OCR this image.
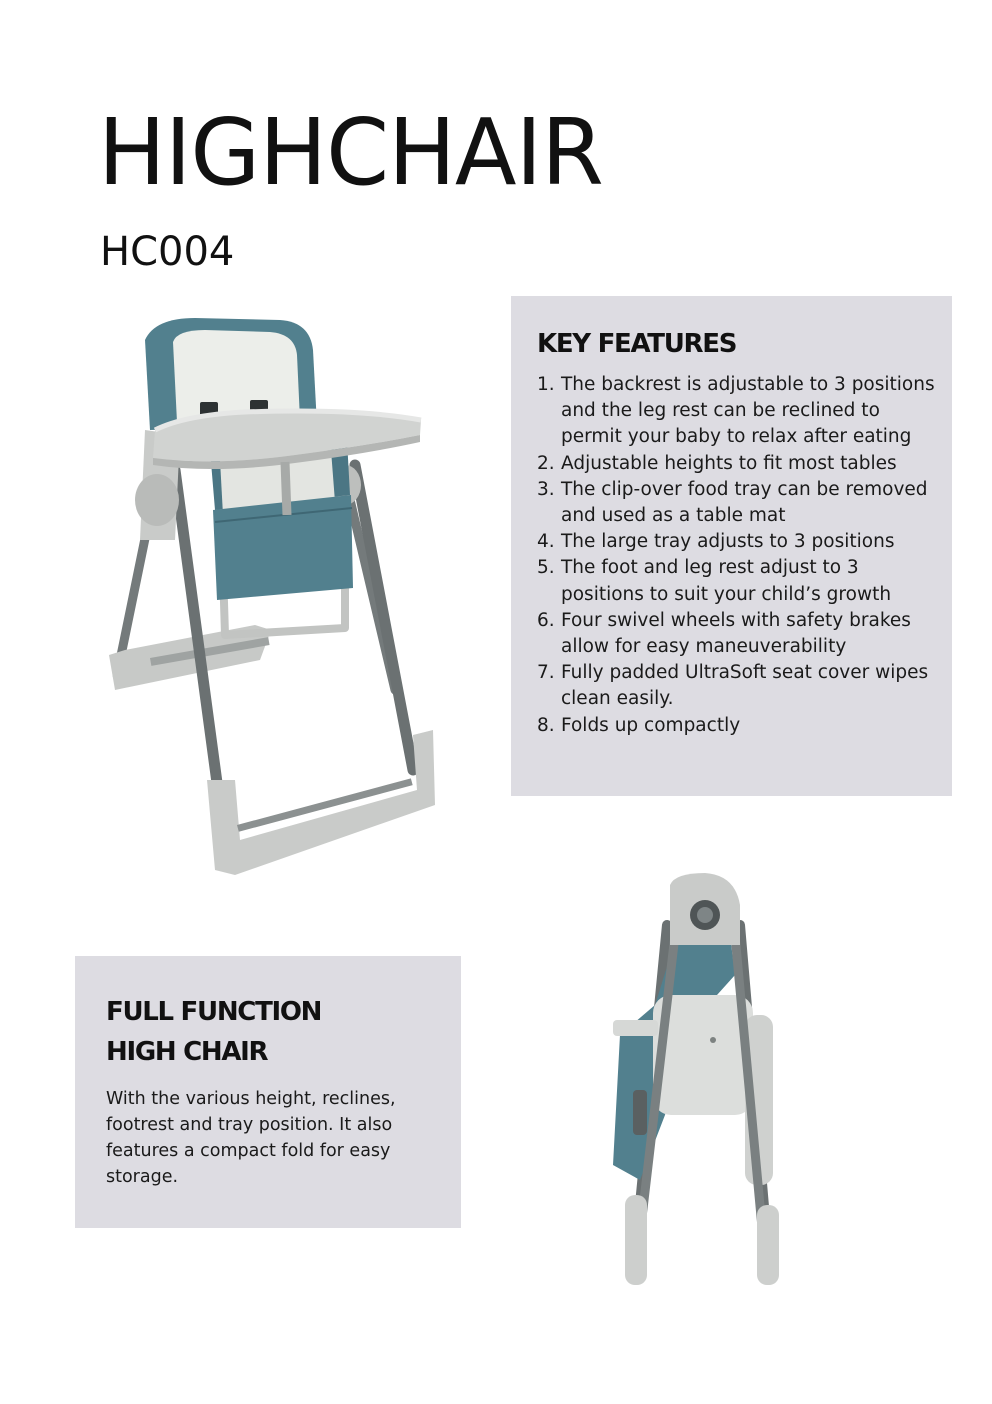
HIGHCHAIR
HC004
KEY FEATURES
1. The backrest is adjustable to 3 positions and the leg rest can be reclined to permit your baby to relax after eating
2. Adjustable heights to fit most tables
3. The clip-over food tray can be removed and used as a table mat
4. The large tray adjusts to 3 positions
5. The foot and leg rest adjust to 3 positions to suit your child’s growth
6. Four swivel wheels with safety brakes allow for easy maneuverability
7. Fully padded UltraSoft seat cover wipes clean easily.
8. Folds up compactly
FULL FUNCTION
HIGH CHAIR

With the various height, reclines, footrest and tray position. It also features a compact fold for easy storage.
